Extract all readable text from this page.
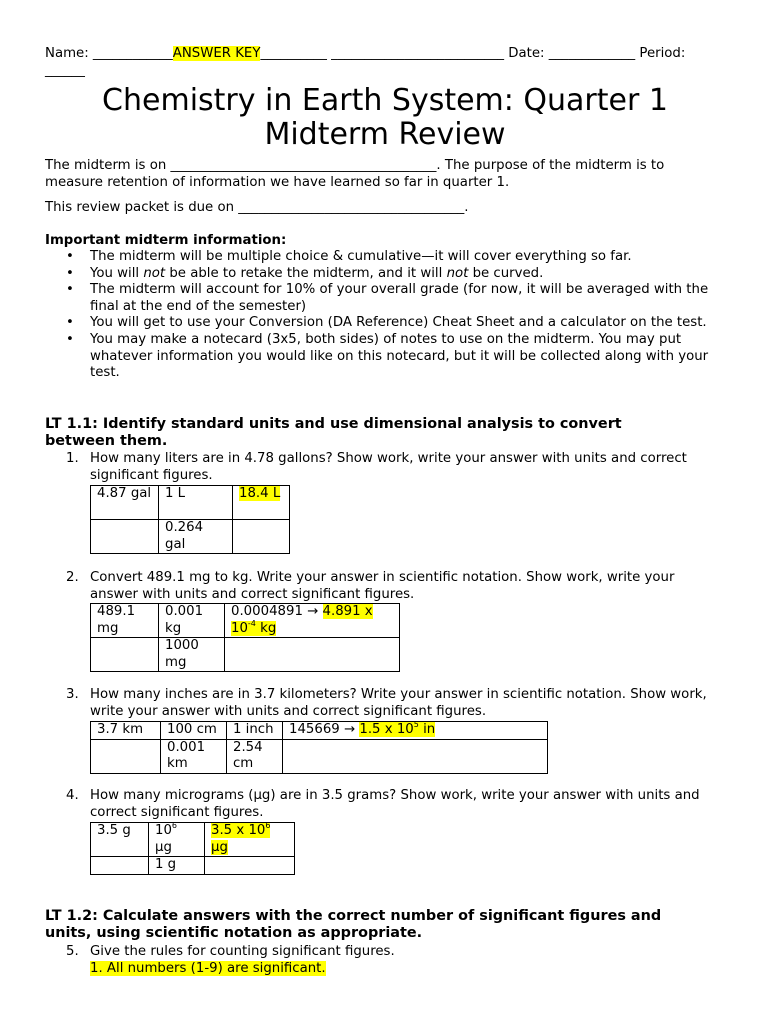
Name: ____________ANSWER KEY__________ __________________________ Date: _____________ Period:
______
Chemistry in Earth System: Quarter 1 Midterm Review

The midterm is on ________________________________________. The purpose of the midterm is to measure retention of information we have learned so far in quarter 1.

This review packet is due on __________________________________.

Important midterm information:

• The midterm will be multiple choice & cumulative—it will cover everything so far.
• You will not be able to retake the midterm, and it will not be curved.
• The midterm will account for 10% of your overall grade (for now, it will be averaged with the final at the end of the semester)
• You will get to use your Conversion (DA Reference) Cheat Sheet and a calculator on the test.
• You may make a notecard (3x5, both sides) of notes to use on the midterm. You may put whatever information you would like on this notecard, but it will be collected along with your test.

LT 1.1: Identify standard units and use dimensional analysis to convert between them.

1. How many liters are in 4.78 gallons? Show work, write your answer with units and correct significant figures.
4.87 gal	1 L	18.4 L
	0.264 gal	
2. Convert 489.1 mg to kg. Write your answer in scientific notation. Show work, write your answer with units and correct significant figures.
489.1 mg	0.001 kg	0.0004891 → 4.891 x
$10^{-4}$ kg
	1000 mg	
3. How many inches are in 3.7 kilometers? Write your answer in scientific notation. Show work, write your answer with units and correct significant figures.
3.7 km	100 cm	1 inch	145669 → 1.5 x $10^5$ in
	0.001 km	2.54 cm	
4. How many micrograms (µg) are in 3.5 grams? Show work, write your answer with units and correct significant figures.
3.5 g	$10^6$ µg	3.5 x $10^6$
µg
	1 g	

LT 1.2: Calculate answers with the correct number of significant figures and units, using scientific notation as appropriate.

5. Give the rules for counting significant figures.
1. All numbers (1-9) are significant.
